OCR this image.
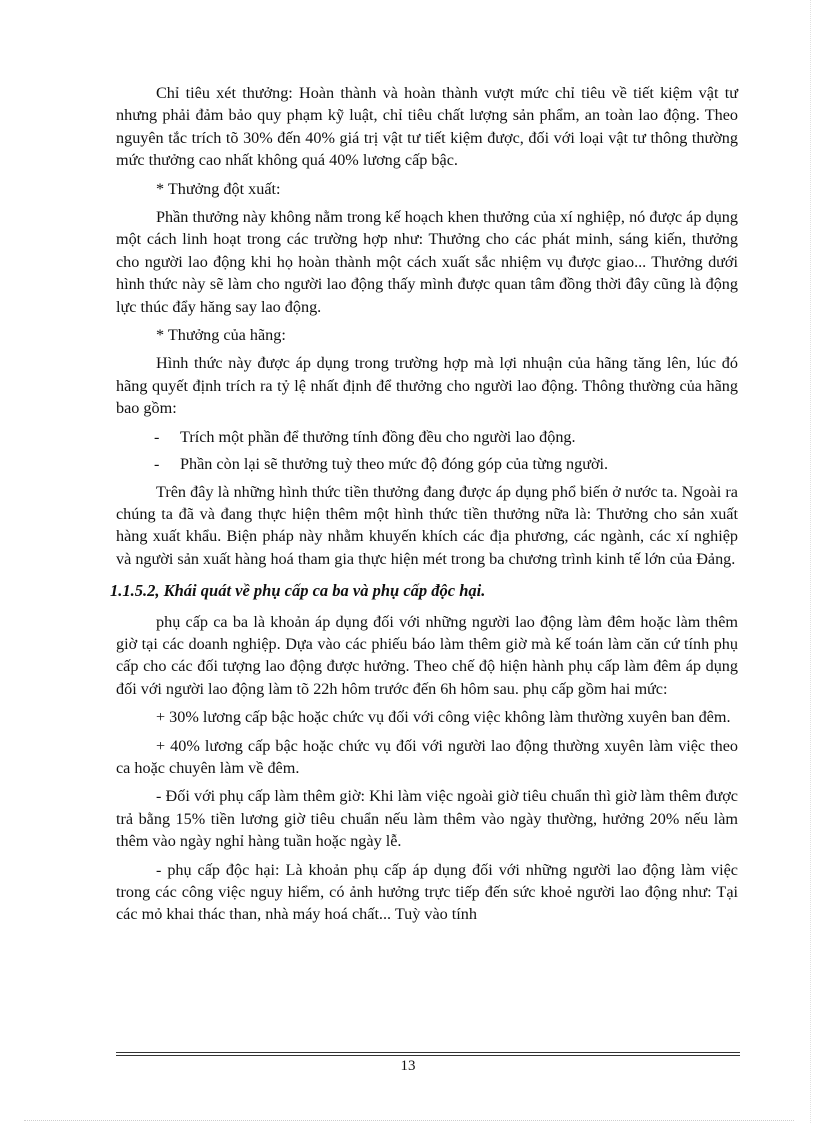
Chỉ tiêu xét thưởng: Hoàn thành và hoàn thành vượt mức chỉ tiêu về tiết kiệm vật tư nhưng phải đảm bảo quy phạm kỹ luật, chỉ tiêu chất lượng sản phẩm, an toàn lao động. Theo nguyên tắc trích tõ 30% đến 40% giá trị vật tư tiết kiệm được, đối với loại vật tư thông thường mức thưởng cao nhất không quá 40% lương cấp bậc.

* Thưởng đột xuất:

Phần thưởng này không nằm trong kế hoạch khen thưởng của xí nghiệp, nó được áp dụng một cách linh hoạt trong các trường hợp như: Thưởng cho các phát minh, sáng kiến, thưởng cho người lao động khi họ hoàn thành một cách xuất sắc nhiệm vụ được giao... Thưởng dưới hình thức này sẽ làm cho người lao động thấy mình được quan tâm đồng thời đây cũng là động lực thúc đẩy hăng say lao động.

* Thưởng của hãng:

Hình thức này được áp dụng trong trường hợp mà lợi nhuận của hãng tăng lên, lúc đó hãng quyết định trích ra tỷ lệ nhất định để thưởng cho người lao động. Thông thường của hãng bao gồm:

- Trích một phần để thưởng tính đồng đều cho người lao động.

- Phần còn lại sẽ thưởng tuỳ theo mức độ đóng góp của từng người.

Trên đây là những hình thức tiền thưởng đang được áp dụng phổ biến ở nước ta. Ngoài ra chúng ta đã và đang thực hiện thêm một hình thức tiền thưởng nữa là: Thưởng cho sản xuất hàng xuất khẩu. Biện pháp này nhằm khuyến khích các địa phương, các ngành, các xí nghiệp và người sản xuất hàng hoá tham gia thực hiện mét trong ba chương trình kinh tế lớn của Đảng.

1.1.5.2, Khái quát về phụ cấp ca ba và phụ cấp độc hại.

phụ cấp ca ba là khoản áp dụng đối với những người lao động làm đêm hoặc làm thêm giờ tại các doanh nghiệp. Dựa vào các phiếu báo làm thêm giờ mà kế toán làm căn cứ tính phụ cấp cho các đối tượng lao động được hưởng. Theo chế độ hiện hành phụ cấp làm đêm áp dụng đối với người lao động làm tõ 22h hôm trước đến 6h hôm sau. phụ cấp gồm hai mức:

+ 30% lương cấp bậc hoặc chức vụ đối với công việc không làm thường xuyên ban đêm.

+ 40% lương cấp bậc hoặc chức vụ đối với người lao động thường xuyên làm việc theo ca hoặc chuyên làm về đêm.

- Đối với phụ cấp làm thêm giờ: Khi làm việc ngoài giờ tiêu chuẩn thì giờ làm thêm được trả bằng 15% tiền lương giờ tiêu chuẩn nếu làm thêm vào ngày thường, hưởng 20% nếu làm thêm vào ngày nghỉ hàng tuần hoặc ngày lễ.

- phụ cấp độc hại: Là khoản phụ cấp áp dụng đối với những người lao động làm việc trong các công việc nguy hiểm, có ảnh hưởng trực tiếp đến sức khoẻ người lao động như: Tại các mỏ khai thác than, nhà máy hoá chất... Tuỳ vào tính

13
